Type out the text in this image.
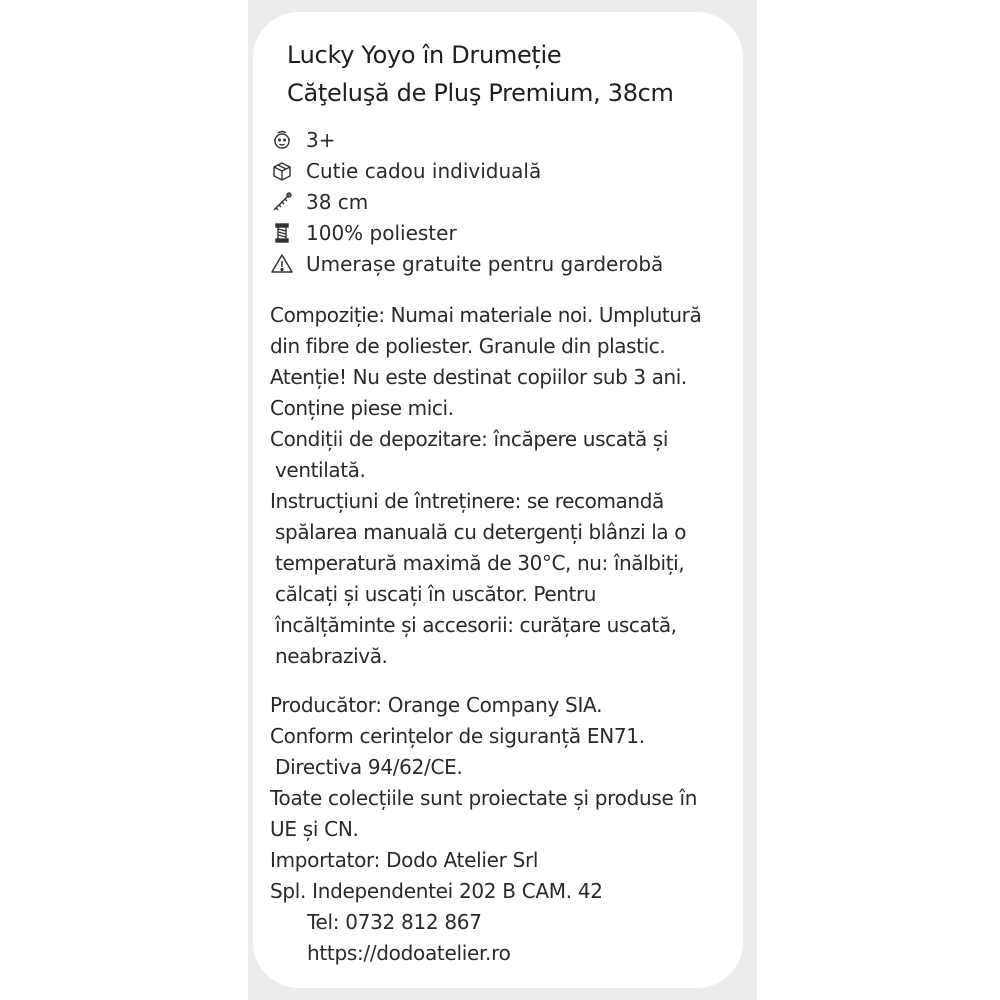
Lucky Yoyo în Drumeție
Căţeluşă de Pluş Premium, 38cm
3+
Cutie cadou individuală
38 cm
100% poliester
Umerașe gratuite pentru garderobă
Compoziție: Numai materiale noi. Umplutură
din fibre de poliester. Granule din plastic.
Atenție! Nu este destinat copiilor sub 3 ani.
Conține piese mici.
Condiții de depozitare: încăpere uscată și
ventilată.
Instrucțiuni de întreținere: se recomandă
spălarea manuală cu detergenți blânzi la o
temperatură maximă de 30°C, nu: înălbiți,
călcați și uscați în uscător. Pentru
încălțăminte și accesorii: curățare uscată,
neabrazivă.
Producător: Orange Company SIA.
Conform cerințelor de siguranță EN71.
Directiva 94/62/CE.
Toate colecțiile sunt proiectate și produse în
UE și CN.
Importator: Dodo Atelier Srl
Spl. Independentei 202 B CAM. 42
Tel: 0732 812 867
https://dodoatelier.ro
